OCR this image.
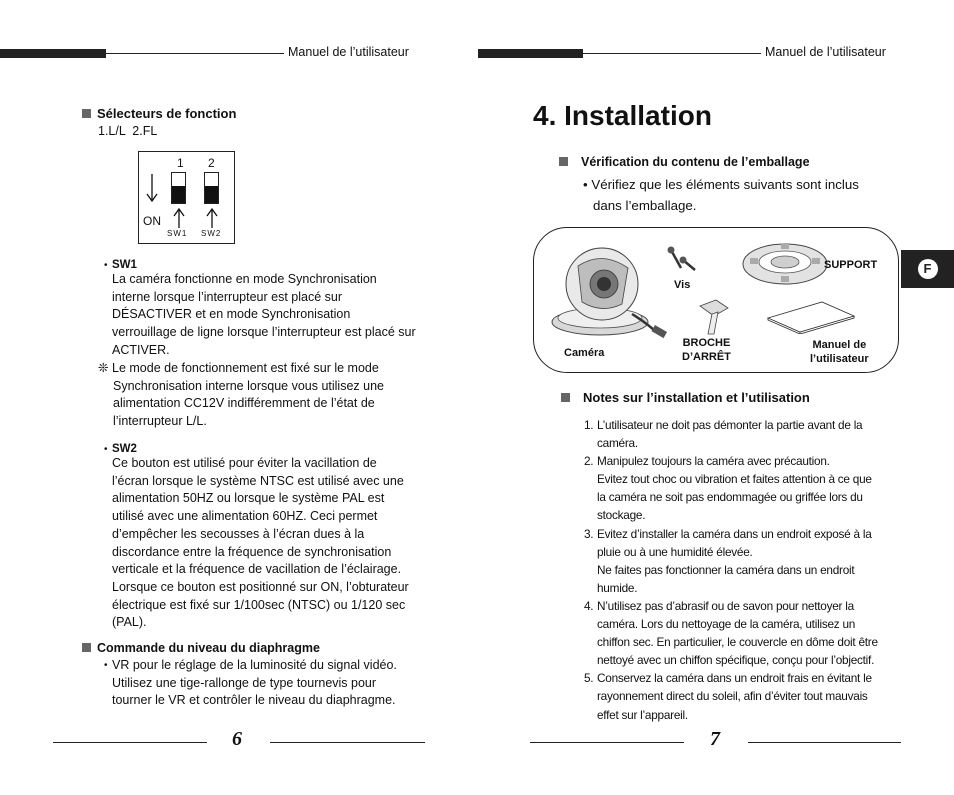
Manuel de l’utilisateur	Manuel de l’utilisateur
Sélecteurs de fonction
1.L/L  2.FL
1 2
ON
SW1 SW2
• SW1
La caméra fonctionne en mode Synchronisation
interne lorsque l’interrupteur est placé sur
DÉSACTIVER et en mode Synchronisation
verrouillage de ligne lorsque l’interrupteur est placé sur
ACTIVER.
❊ Le mode de fonctionnement est fixé sur le mode
Synchronisation interne lorsque vous utilisez une
alimentation CC12V indifféremment de l’état de
l’interrupteur L/L.
• SW2
Ce bouton est utilisé pour éviter la vacillation de
l’écran lorsque le système NTSC est utilisé avec une
alimentation 50HZ ou lorsque le système PAL est
utilisé avec une alimentation 60HZ. Ceci permet
d’empêcher les secousses à l’écran dues à la
discordance entre la fréquence de synchronisation
verticale et la fréquence de vacillation de l’éclairage.
Lorsque ce bouton est positionné sur ON, l’obturateur
électrique est fixé sur 1/100sec (NTSC) ou 1/120 sec
(PAL).
Commande du niveau du diaphragme
• VR pour le réglage de la luminosité du signal vidéo.
Utilisez une tige-rallonge de type tournevis pour
tourner le VR et contrôler le niveau du diaphragme.
6
4. Installation
Vérification du contenu de l’emballage
• Vérifiez que les éléments suivants sont inclus
dans l’emballage.
Caméra
Vis
SUPPORT
BROCHE
D’ARRÊT
Manuel de
l’utilisateur
F
Notes sur l’installation et l’utilisation
1. L’utilisateur ne doit pas démonter la partie avant de la
caméra.
2. Manipulez toujours la caméra avec précaution.
Evitez tout choc ou vibration et faites attention à ce que
la caméra ne soit pas endommagée ou griffée lors du
stockage.
3. Evitez d’installer la caméra dans un endroit exposé à la
pluie ou à une humidité élevée.
Ne faites pas fonctionner la caméra dans un endroit
humide.
4. N’utilisez pas d’abrasif ou de savon pour nettoyer la
caméra. Lors du nettoyage de la caméra, utilisez un
chiffon sec. En particulier, le couvercle en dôme doit être
nettoyé avec un chiffon spécifique, conçu pour l’objectif.
5. Conservez la caméra dans un endroit frais en évitant le
rayonnement direct du soleil, afin d’éviter tout mauvais
effet sur l’appareil.
7
